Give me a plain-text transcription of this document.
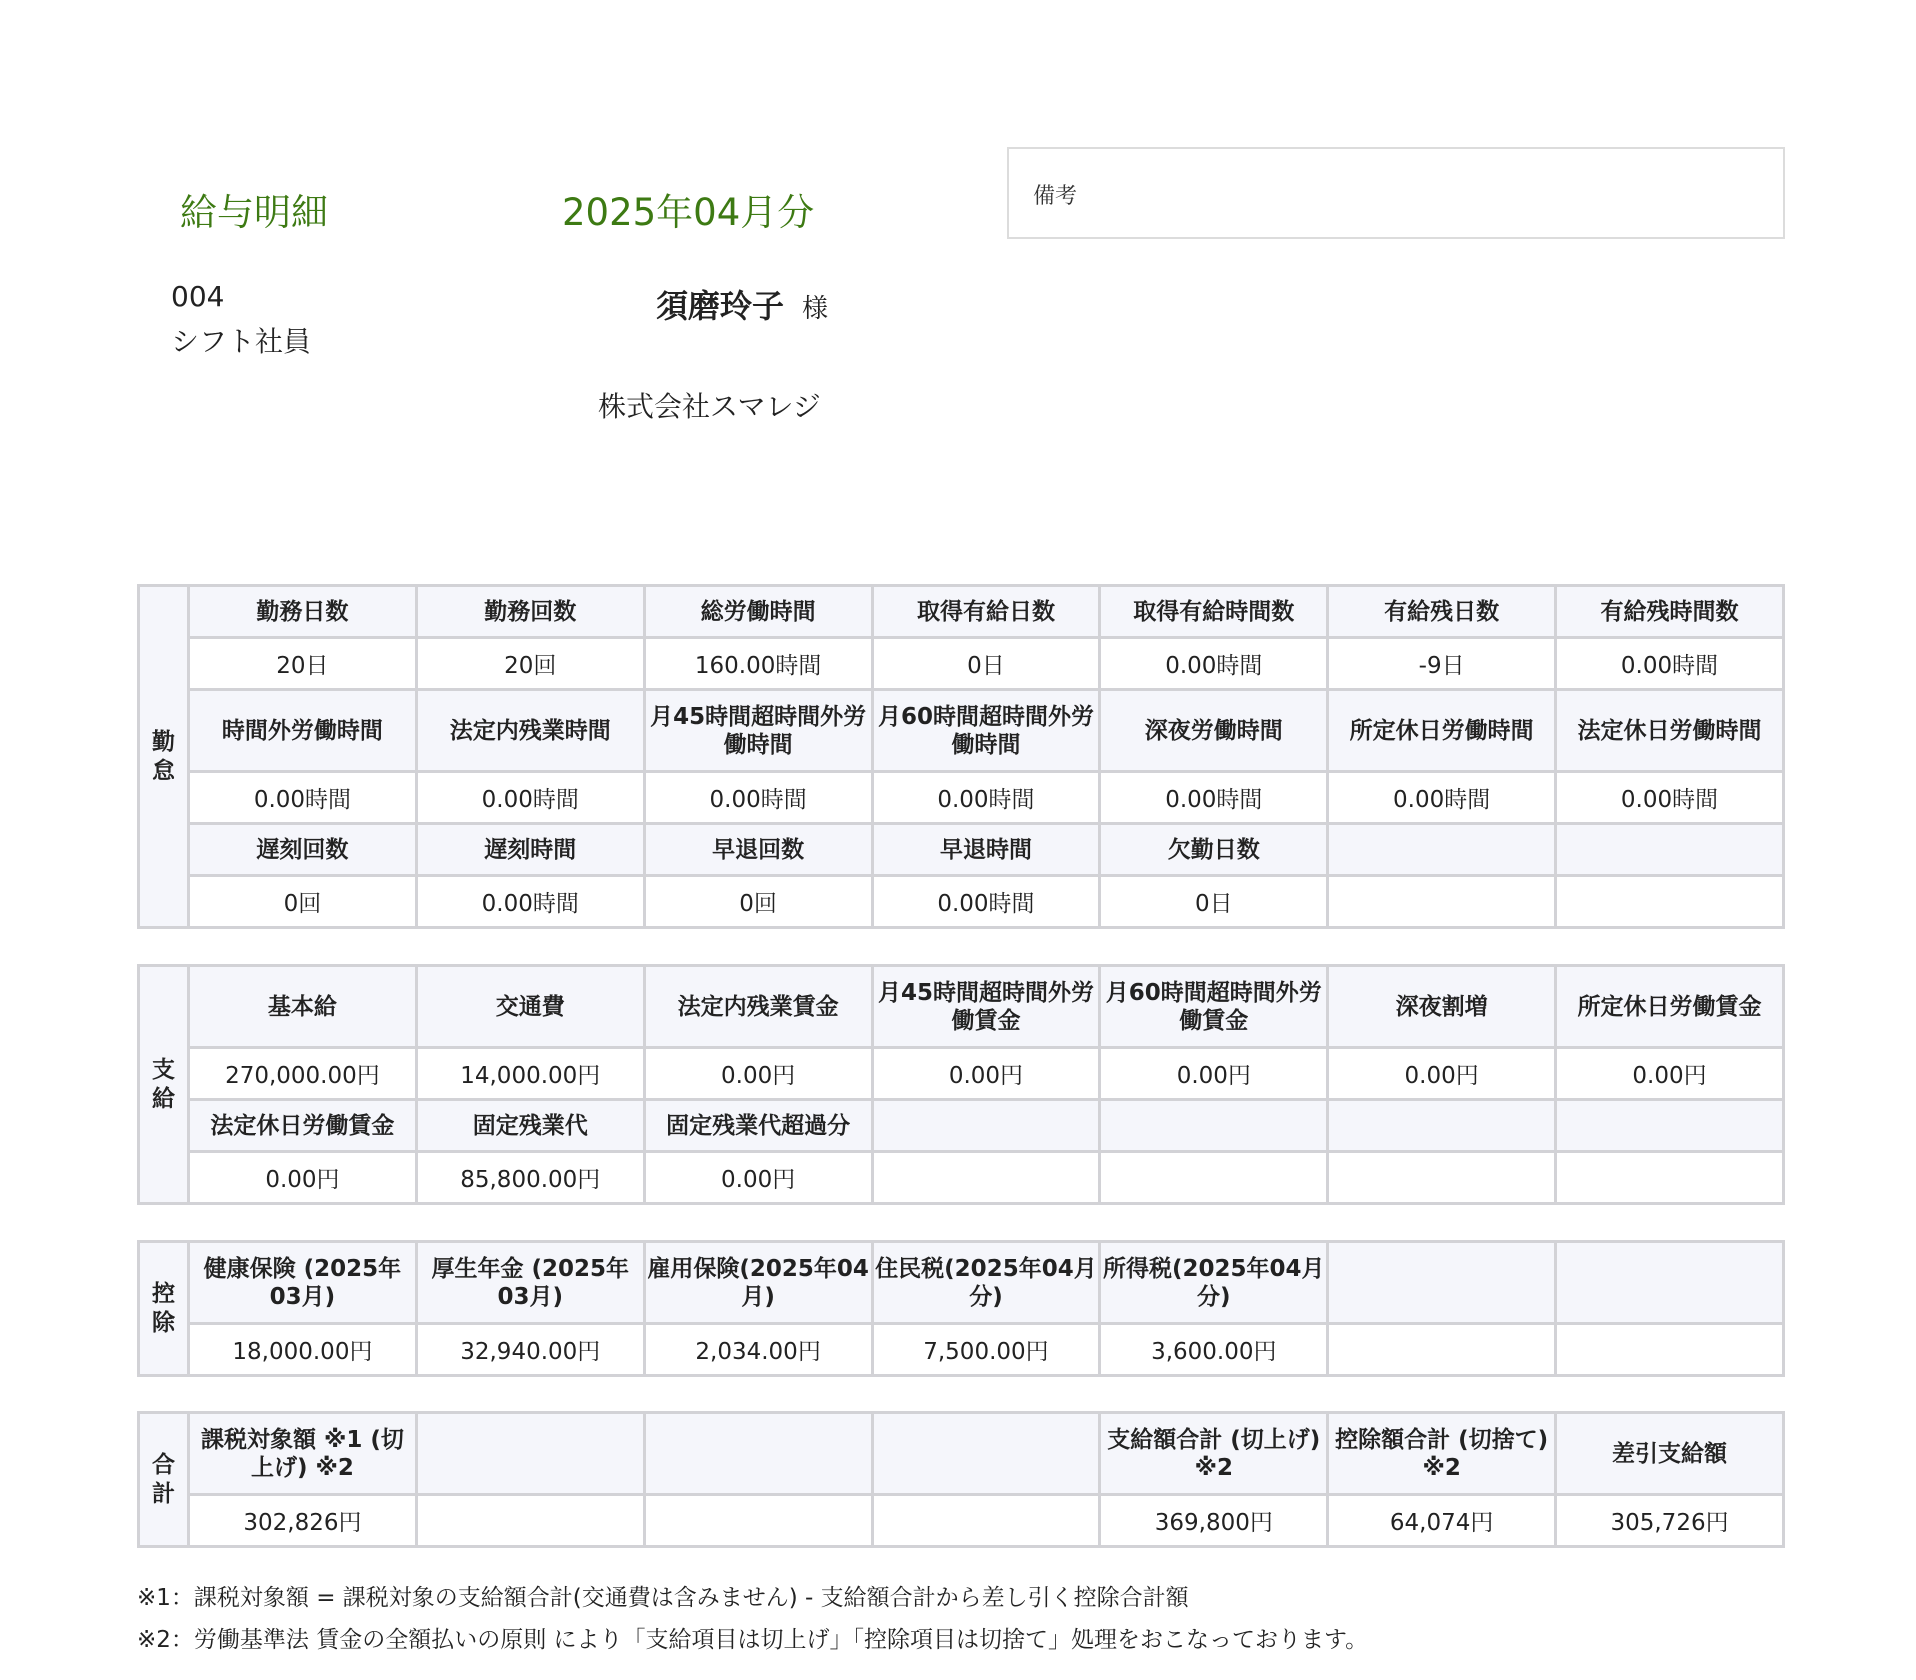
給与明細	2025年04月分	備考
004
シフト社員
須磨玲子 様
株式会社スマレジ
勤
怠	勤務日数	勤務回数	総労働時間	取得有給日数	取得有給時間数	有給残日数	有給残時間数
	20日	20回	160.00時間	0日	0.00時間	-9日	0.00時間
	時間外労働時間	法定内残業時間	月45時間超時間外労働時間	月60時間超時間外労働時間	深夜労働時間	所定休日労働時間	法定休日労働時間
	0.00時間	0.00時間	0.00時間	0.00時間	0.00時間	0.00時間	0.00時間
	遅刻回数	遅刻時間	早退回数	早退時間	欠勤日数		
	0回	0.00時間	0回	0.00時間	0日		
支
給	基本給	交通費	法定内残業賃金	月45時間超時間外労働賃金	月60時間超時間外労働賃金	深夜割増	所定休日労働賃金
	270,000.00円	14,000.00円	0.00円	0.00円	0.00円	0.00円	0.00円
	法定休日労働賃金	固定残業代	固定残業代超過分				
	0.00円	85,800.00円	0.00円				
控
除	健康保険 (2025年03月)	厚生年金 (2025年03月)	雇用保険(2025年04月)	住民税(2025年04月分)	所得税(2025年04月分)		
	18,000.00円	32,940.00円	2,034.00円	7,500.00円	3,600.00円		
合
計	課税対象額 ※1 (切上げ) ※2				支給額合計 (切上げ) ※2	控除額合計 (切捨て) ※2	差引支給額
	302,826円				369,800円	64,074円	305,726円
※1：課税対象額 = 課税対象の支給額合計(交通費は含みません) - 支給額合計から差し引く控除合計額
※2：労働基準法 賃金の全額払いの原則 により「支給項目は切上げ」「控除項目は切捨て」処理をおこなっております。
